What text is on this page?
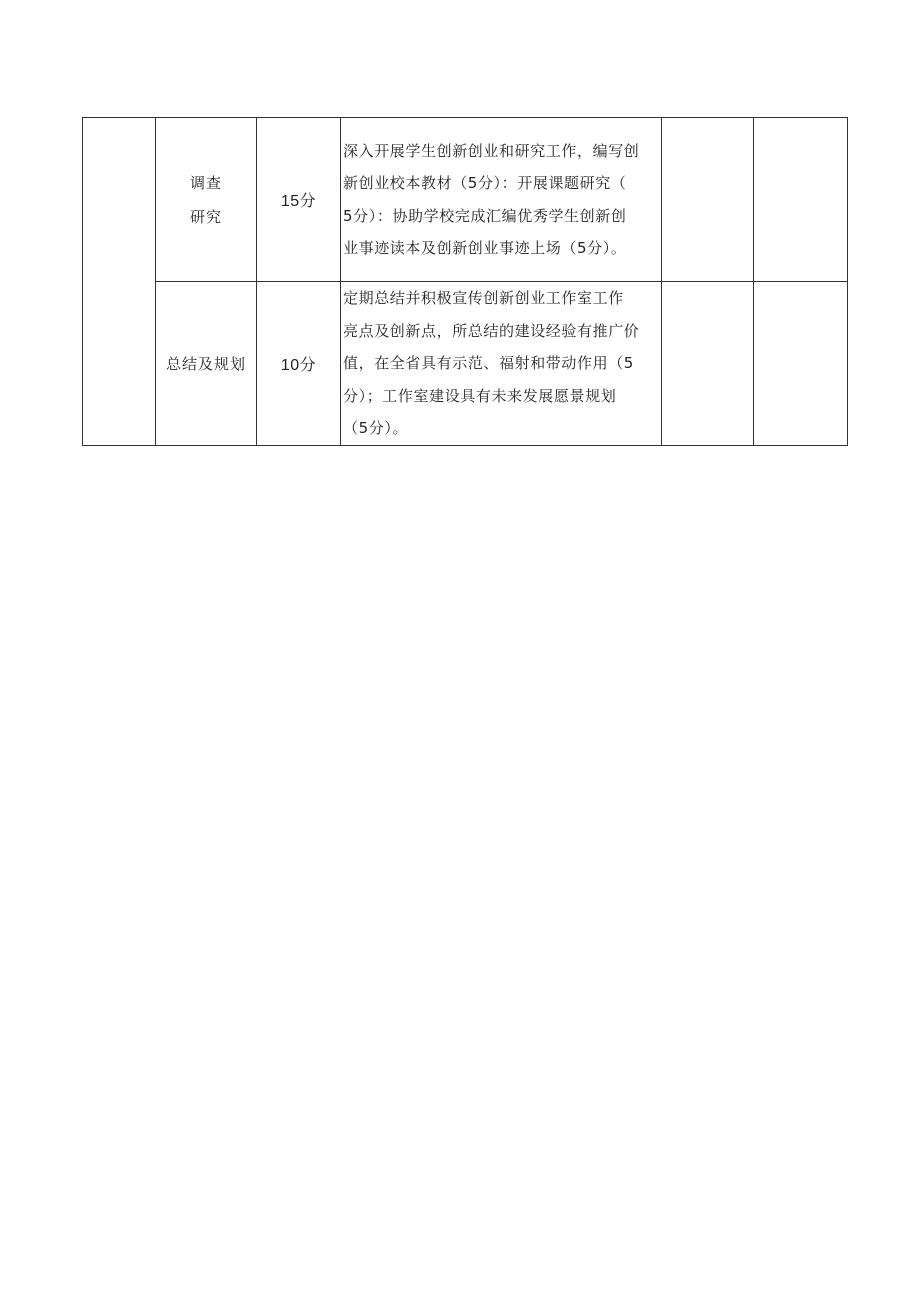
	调查
研究	15分	深入开展学生创新创业和研究工作，编写创
新创业校本教材（5分）：开展课题研究（
5分）：协助学校完成汇编优秀学生创新创
业事迹读本及创新创业事迹上场（5分）。		

	总结及规划	10分	定期总结并积极宣传创新创业工作室工作
亮点及创新点，所总结的建设经验有推广价
值，在全省具有示范、福射和带动作用（5
分）；工作室建设具有未来发展愿景规划
（5分）。		
